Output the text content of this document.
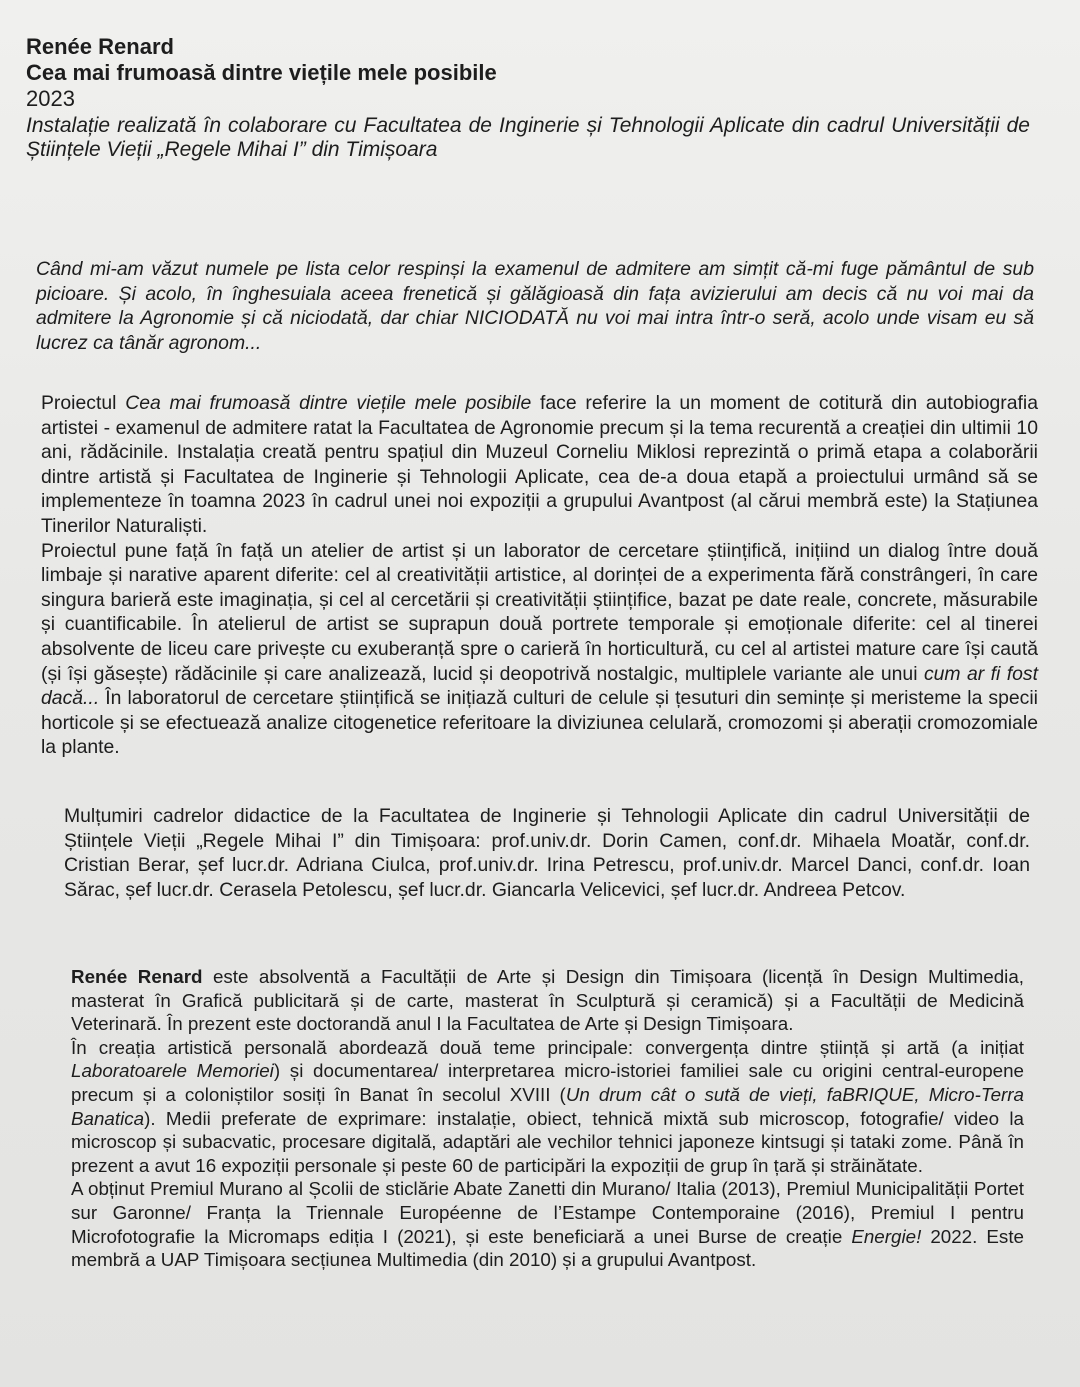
Renée Renard
Cea mai frumoasă dintre viețile mele posibile
2023
Instalație realizată în colaborare cu Facultatea de Inginerie și Tehnologii Aplicate din cadrul Universității de Științele Vieții „Regele Mihai I” din Timișoara
Când mi-am văzut numele pe lista celor respinși la examenul de admitere am simțit că-mi fuge pământul de sub picioare. Și acolo, în înghesuiala aceea frenetică și gălăgioasă din fața avizierului am decis că nu voi mai da admitere la Agronomie și că niciodată, dar chiar NICIODATĂ nu voi mai intra într-o seră, acolo unde visam eu să lucrez ca tânăr agronom...
Proiectul Cea mai frumoasă dintre viețile mele posibile face referire la un moment de cotitură din autobiografia artistei - examenul de admitere ratat la Facultatea de Agronomie precum și la tema recurentă a creației din ultimii 10 ani, rădăcinile. Instalația creată pentru spațiul din Muzeul Corneliu Miklosi reprezintă o primă etapa a colaborării dintre artistă și Facultatea de Inginerie și Tehnologii Aplicate, cea de-a doua etapă a proiectului urmând să se implementeze în toamna 2023 în cadrul unei noi expoziții a grupului Avantpost (al cărui membră este) la Stațiunea Tinerilor Naturaliști.
Proiectul pune față în față un atelier de artist și un laborator de cercetare științifică, inițiind un dialog între două limbaje și narative aparent diferite: cel al creativității artistice, al dorinței de a experimenta fără constrângeri, în care singura barieră este imaginația, și cel al cercetării și creativității științifice, bazat pe date reale, concrete, măsurabile și cuantificabile. În atelierul de artist se suprapun două portrete temporale și emoționale diferite: cel al tinerei absolvente de liceu care privește cu exuberanță spre o carieră în horticultură, cu cel al artistei mature care își caută (și își găsește) rădăcinile și care analizează, lucid și deopotrivă nostalgic, multiplele variante ale unui cum ar fi fost dacă... În laboratorul de cercetare științifică se inițiază culturi de celule și țesuturi din semințe și meristeme la specii horticole și se efectuează analize citogenetice referitoare la diviziunea celulară, cromozomi și aberații cromozomiale la plante.
Mulțumiri cadrelor didactice de la Facultatea de Inginerie și Tehnologii Aplicate din cadrul Universității de Științele Vieții „Regele Mihai I” din Timișoara: prof.univ.dr. Dorin Camen, conf.dr. Mihaela Moatăr, conf.dr. Cristian Berar, șef lucr.dr. Adriana Ciulca, prof.univ.dr. Irina Petrescu, prof.univ.dr. Marcel Danci, conf.dr. Ioan Sărac, șef lucr.dr. Cerasela Petolescu, șef lucr.dr. Giancarla Velicevici, șef lucr.dr. Andreea Petcov.
Renée Renard este absolventă a Facultății de Arte și Design din Timișoara (licență în Design Multimedia, masterat în Grafică publicitară și de carte, masterat în Sculptură și ceramică) și a Facultății de Medicină Veterinară. În prezent este doctorandă anul I la Facultatea de Arte și Design Timișoara.
În creația artistică personală abordează două teme principale: convergența dintre știință și artă (a inițiat Laboratoarele Memoriei) și documentarea/ interpretarea micro-istoriei familiei sale cu origini central-europene precum și a coloniștilor sosiți în Banat în secolul XVIII (Un drum cât o sută de vieți, faBRIQUE, Micro-Terra Banatica). Medii preferate de exprimare: instalație, obiect, tehnică mixtă sub microscop, fotografie/ video la microscop și subacvatic, procesare digitală, adaptări ale vechilor tehnici japoneze kintsugi și tataki zome. Până în prezent a avut 16 expoziții personale și peste 60 de participări la expoziții de grup în țară și străinătate.
A obținut Premiul Murano al Școlii de sticlărie Abate Zanetti din Murano/ Italia (2013), Premiul Municipalității Portet sur Garonne/ Franța la Triennale Européenne de l’Estampe Contemporaine (2016), Premiul I pentru Microfotografie la Micromaps ediția I (2021), și este beneficiară a unei Burse de creație Energie! 2022. Este membră a UAP Timișoara secțiunea Multimedia (din 2010) și a grupului Avantpost.
